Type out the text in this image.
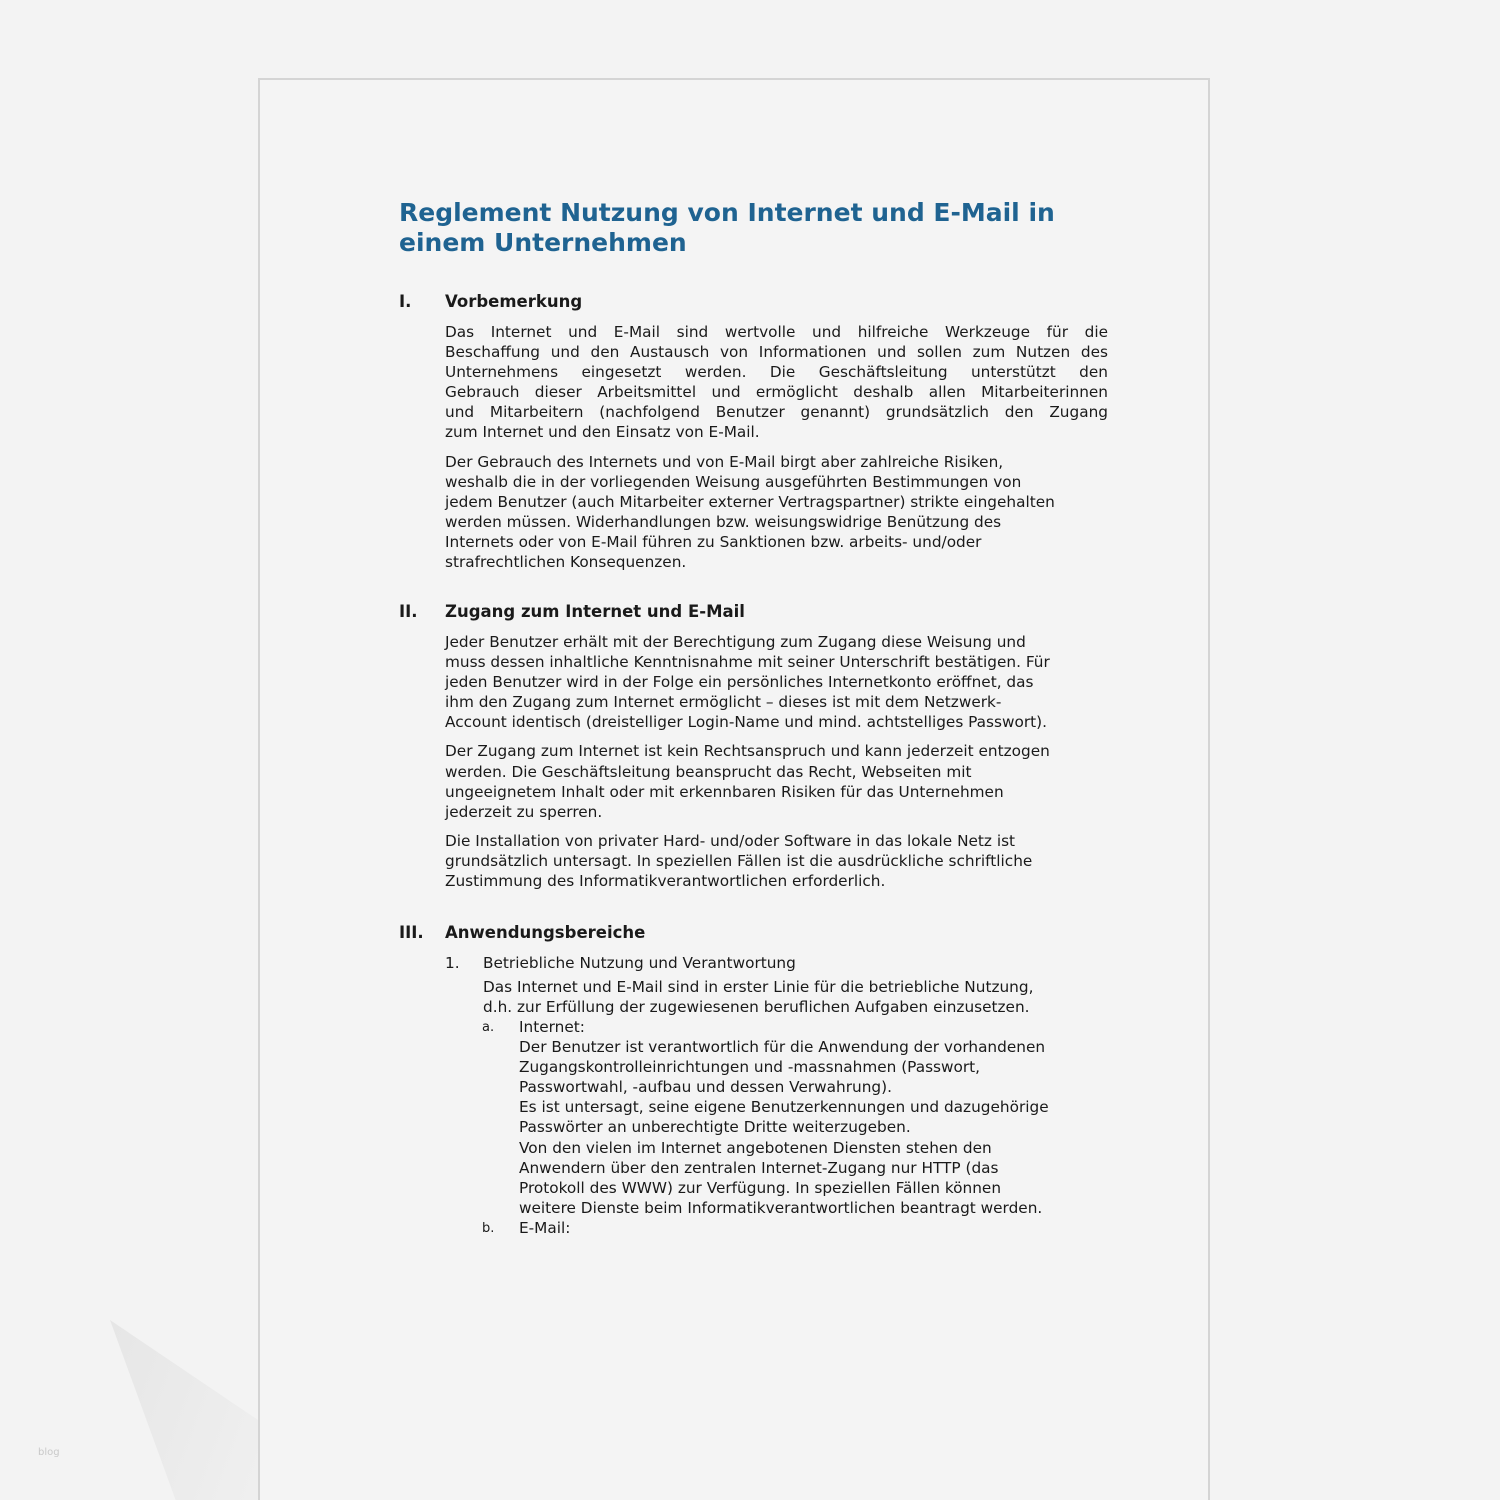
Reglement Nutzung von Internet und E-Mail in
einem Unternehmen
I. Vorbemerkung

Das Internet und E-Mail sind wertvolle und hilfreiche Werkzeuge für die
Beschaffung und den Austausch von Informationen und sollen zum Nutzen des
Unternehmens eingesetzt werden. Die Geschäftsleitung unterstützt den
Gebrauch dieser Arbeitsmittel und ermöglicht deshalb allen Mitarbeiterinnen
und Mitarbeitern (nachfolgend Benutzer genannt) grundsätzlich den Zugang
zum Internet und den Einsatz von E-Mail.

Der Gebrauch des Internets und von E-Mail birgt aber zahlreiche Risiken,
weshalb die in der vorliegenden Weisung ausgeführten Bestimmungen von
jedem Benutzer (auch Mitarbeiter externer Vertragspartner) strikte eingehalten
werden müssen. Widerhandlungen bzw. weisungswidrige Benützung des
Internets oder von E-Mail führen zu Sanktionen bzw. arbeits- und/oder
strafrechtlichen Konsequenzen.

II. Zugang zum Internet und E-Mail

Jeder Benutzer erhält mit der Berechtigung zum Zugang diese Weisung und
muss dessen inhaltliche Kenntnisnahme mit seiner Unterschrift bestätigen. Für
jeden Benutzer wird in der Folge ein persönliches Internetkonto eröffnet, das
ihm den Zugang zum Internet ermöglicht – dieses ist mit dem Netzwerk-
Account identisch (dreistelliger Login-Name und mind. achtstelliges Passwort).

Der Zugang zum Internet ist kein Rechtsanspruch und kann jederzeit entzogen
werden. Die Geschäftsleitung beansprucht das Recht, Webseiten mit
ungeeignetem Inhalt oder mit erkennbaren Risiken für das Unternehmen
jederzeit zu sperren.

Die Installation von privater Hard- und/oder Software in das lokale Netz ist
grundsätzlich untersagt. In speziellen Fällen ist die ausdrückliche schriftliche
Zustimmung des Informatikverantwortlichen erforderlich.

III. Anwendungsbereiche
1. Betriebliche Nutzung und Verantwortung
Das Internet und E-Mail sind in erster Linie für die betriebliche Nutzung,
d.h. zur Erfüllung der zugewiesenen beruflichen Aufgaben einzusetzen.
a. Internet:
Der Benutzer ist verantwortlich für die Anwendung der vorhandenen
Zugangskontrolleinrichtungen und -massnahmen (Passwort,
Passwortwahl, -aufbau und dessen Verwahrung).
Es ist untersagt, seine eigene Benutzerkennungen und dazugehörige
Passwörter an unberechtigte Dritte weiterzugeben.
Von den vielen im Internet angebotenen Diensten stehen den
Anwendern über den zentralen Internet-Zugang nur HTTP (das
Protokoll des WWW) zur Verfügung. In speziellen Fällen können
weitere Dienste beim Informatikverantwortlichen beantragt werden.
b. E-Mail:
blog
